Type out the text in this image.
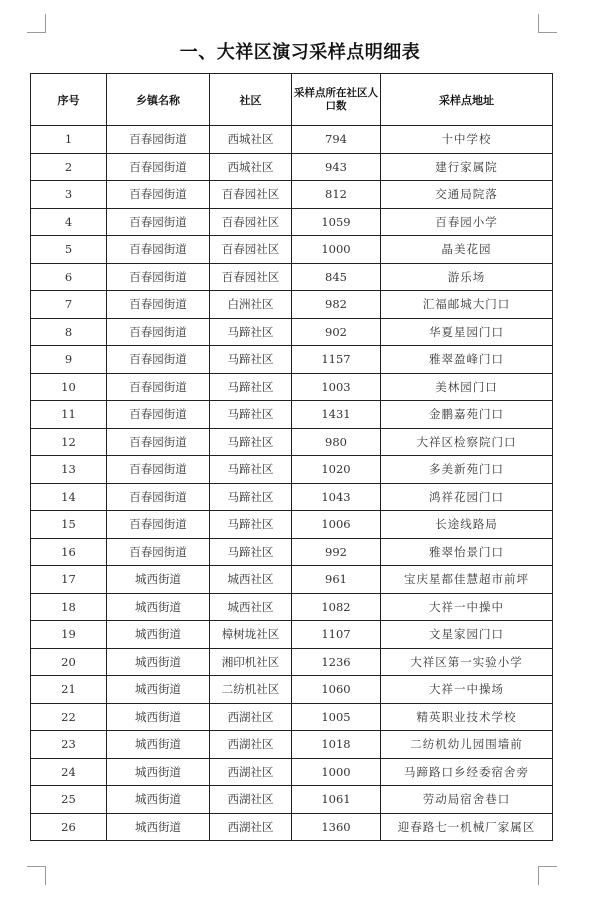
一、大祥区演习采样点明细表
序号	乡镇名称	社区	采样点所在社区人口数	采样点地址
1	百春园街道	西城社区	794	十中学校
2	百春园街道	西城社区	943	建行家属院
3	百春园街道	百春园社区	812	交通局院落
4	百春园街道	百春园社区	1059	百春园小学
5	百春园街道	百春园社区	1000	晶美花园
6	百春园街道	百春园社区	845	游乐场
7	百春园街道	白洲社区	982	汇福邮城大门口
8	百春园街道	马蹄社区	902	华夏星园门口
9	百春园街道	马蹄社区	1157	雅翠盈峰门口
10	百春园街道	马蹄社区	1003	美林园门口
11	百春园街道	马蹄社区	1431	金鹏嘉苑门口
12	百春园街道	马蹄社区	980	大祥区检察院门口
13	百春园街道	马蹄社区	1020	多美新苑门口
14	百春园街道	马蹄社区	1043	鸿祥花园门口
15	百春园街道	马蹄社区	1006	长途线路局
16	百春园街道	马蹄社区	992	雅翠怡景门口
17	城西街道	城西社区	961	宝庆星都佳慧超市前坪
18	城西街道	城西社区	1082	大祥一中操中
19	城西街道	樟树垅社区	1107	文星家园门口
20	城西街道	湘印机社区	1236	大祥区第一实验小学
21	城西街道	二纺机社区	1060	大祥一中操场
22	城西街道	西湖社区	1005	精英职业技术学校
23	城西街道	西湖社区	1018	二纺机幼儿园围墙前
24	城西街道	西湖社区	1000	马蹄路口乡经委宿舍旁
25	城西街道	西湖社区	1061	劳动局宿舍巷口
26	城西街道	西湖社区	1360	迎春路七一机械厂家属区
